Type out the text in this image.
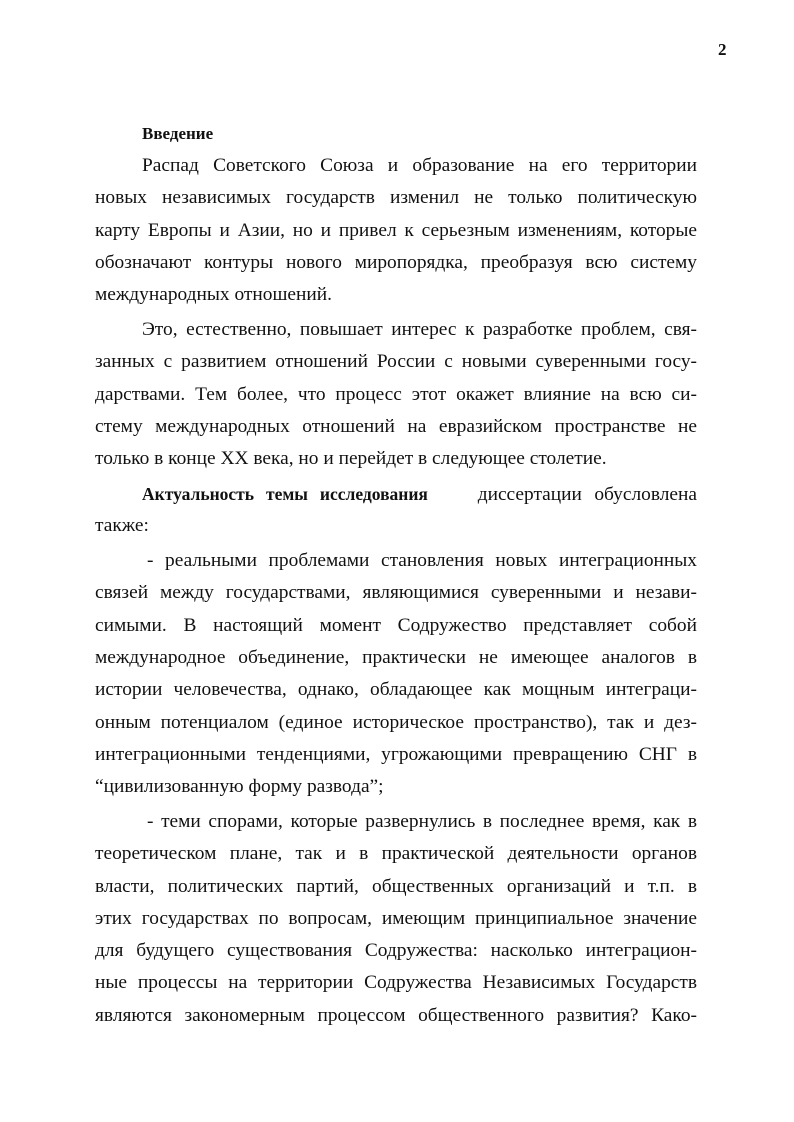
2
Введение
Распад Советского Союза и образование на его территории
новых независимых государств изменил не только политическую
карту Европы и Азии, но и привел к серьезным изменениям, которые
обозначают контуры нового миропорядка, преобразуя всю систему
международных отношений.
Это, естественно, повышает интерес к разработке проблем, свя-
занных с развитием отношений России с новыми суверенными госу-
дарствами. Тем более, что процесс этот окажет влияние на всю си-
стему международных отношений на евразийском пространстве не
только в конце XX века, но и перейдет в следующее столетие.
Актуальность темы исследования	диссертации обусловлена
также:
- реальными проблемами становления новых интеграционных
связей между государствами, являющимися суверенными и незави-
симыми. В настоящий момент Содружество представляет собой
международное объединение, практически не имеющее аналогов в
истории человечества, однако, обладающее как мощным интеграци-
онным потенциалом (единое историческое пространство), так и дез-
интеграционными тенденциями, угрожающими превращению СНГ в
“цивилизованную форму развода”;
- теми спорами, которые развернулись в последнее время, как в
теоретическом плане, так и в практической деятельности органов
власти, политических партий, общественных организаций и т.п. в
этих государствах по вопросам, имеющим принципиальное значение
для будущего существования Содружества: насколько интеграцион-
ные процессы на территории Содружества Независимых Государств
являются закономерным процессом общественного развития? Како-
